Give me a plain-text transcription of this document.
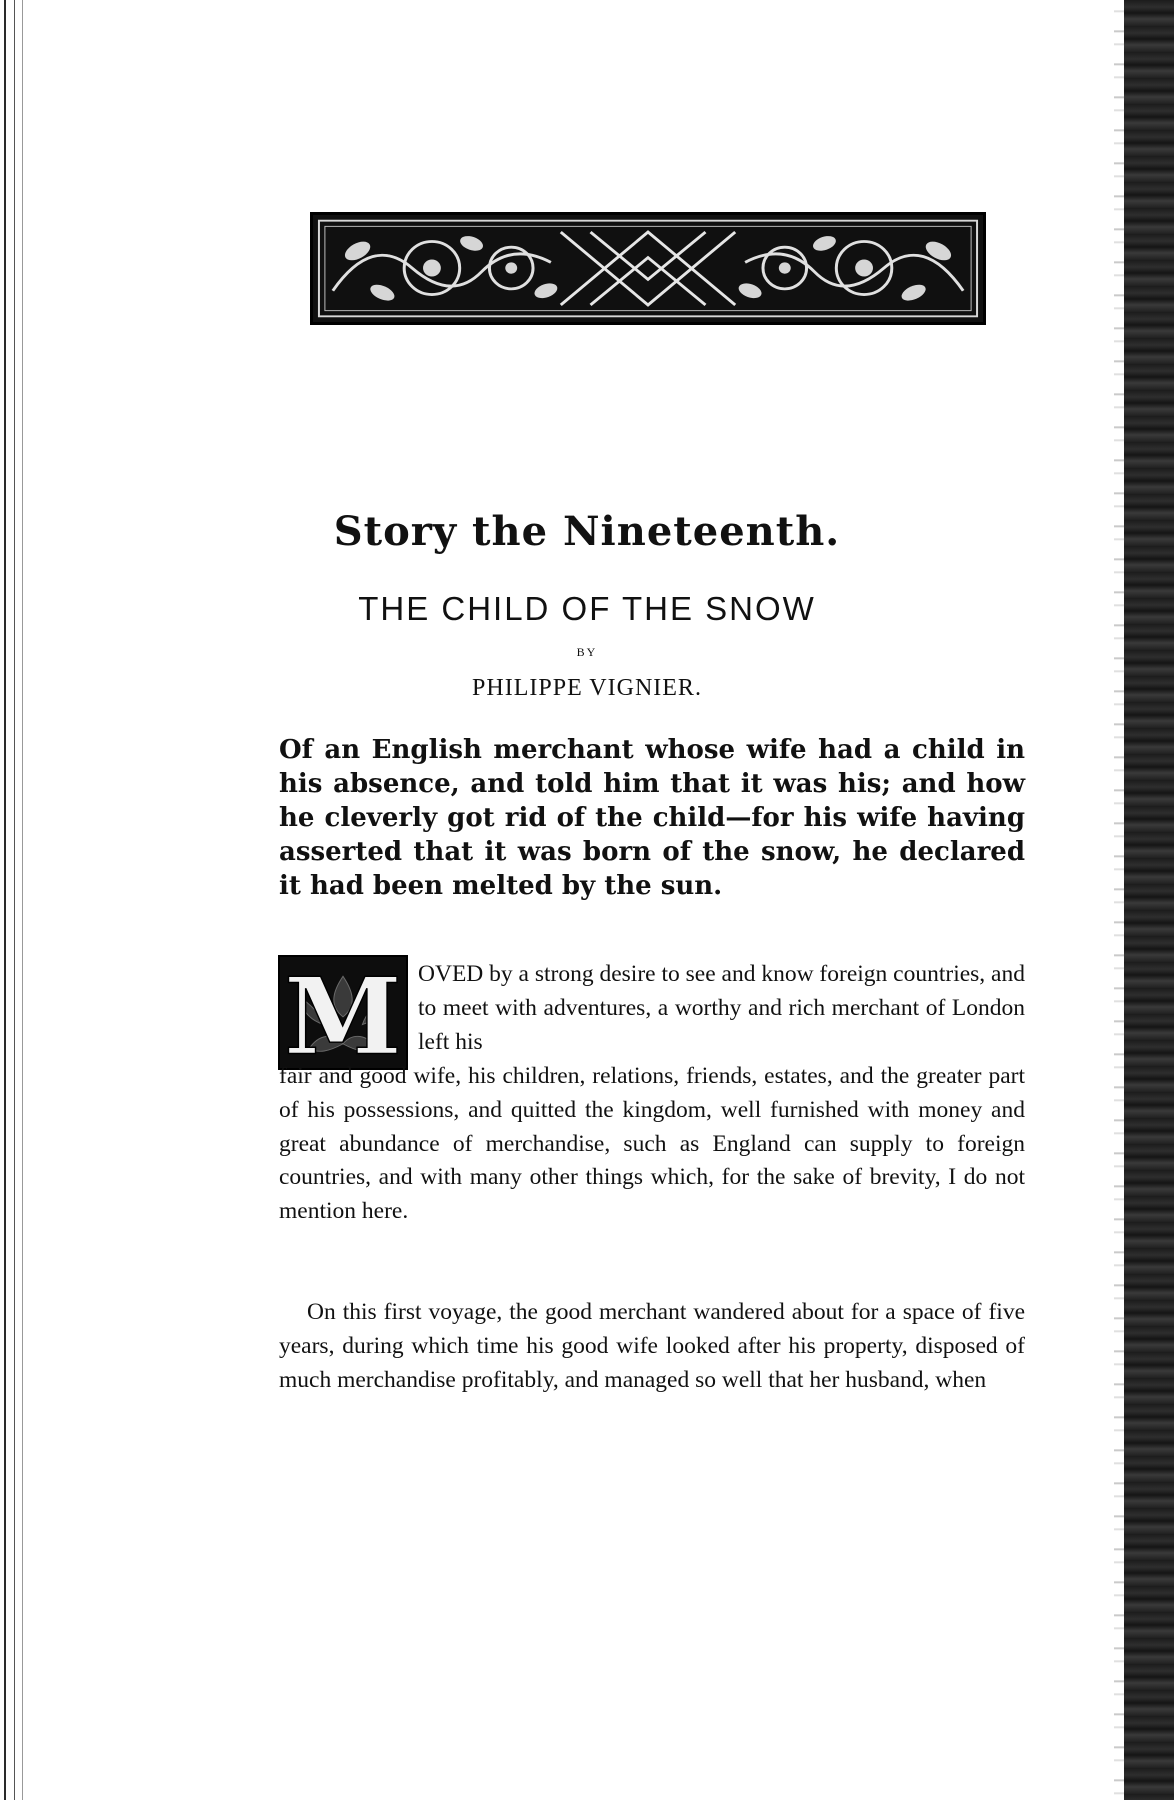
Story the Nineteenth.
THE CHILD OF THE SNOW
BY
PHILIPPE VIGNIER.

Of an English merchant whose wife had a child in his absence, and told him that it was his; and how he cleverly got rid of the child—for his wife having asserted that it was born of the snow, he declared it had been melted by the sun.

M OVED by a strong desire to see and know foreign countries, and to meet with adventures, a worthy and rich merchant of London left his

fair and good wife, his children, relations, friends, estates, and the greater part of his possessions, and quitted the kingdom, well furnished with money and great abundance of merchandise, such as England can supply to foreign countries, and with many other things which, for the sake of brevity, I do not mention here.

On this first voyage, the good merchant wandered about for a space of five years, during which time his good wife looked after his property, disposed of much merchandise profitably, and managed so well that her husband, when
